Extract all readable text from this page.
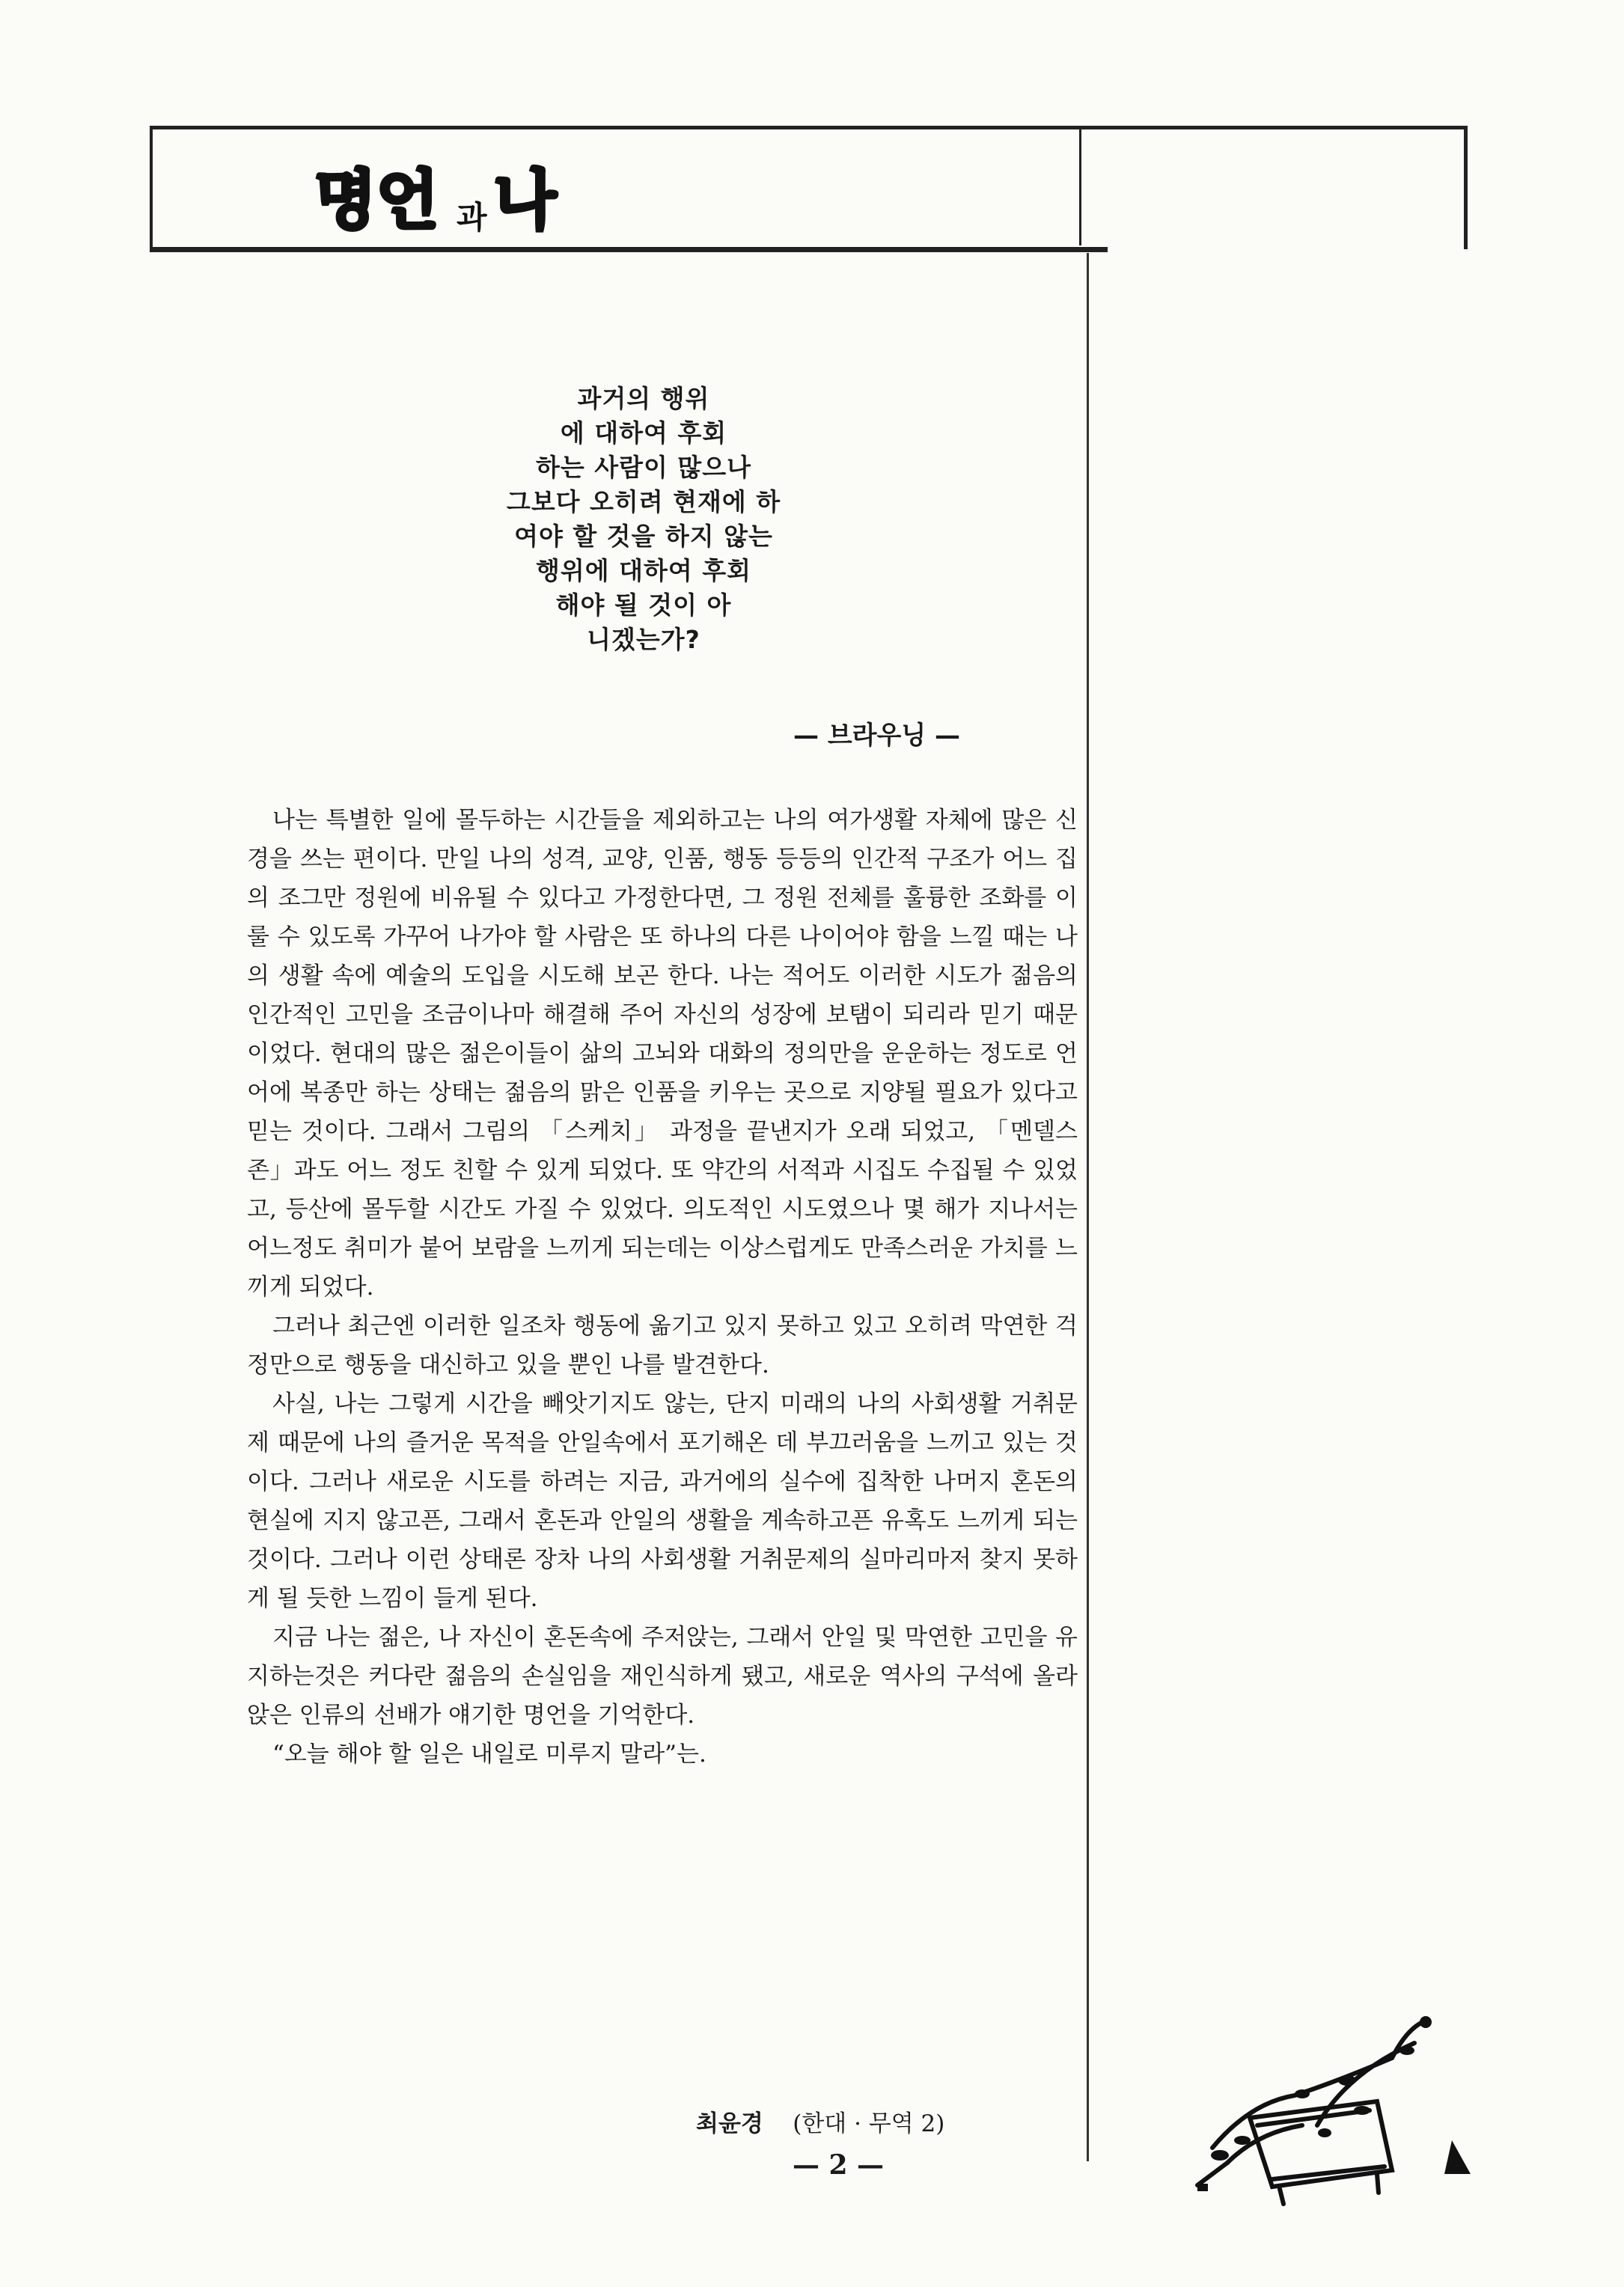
명언 과 나
과거의 행위
에 대하여 후회
하는 사람이 많으나
그보다 오히려 현재에 하
여야 할 것을 하지 않는
행위에 대하여 후회
해야 될 것이 아
니겠는가?
— 브라우닝 —

나는 특별한 일에 몰두하는 시간들을 제외하고는 나의 여가생활 자체에 많은 신경을 쓰는 편이다. 만일 나의 성격, 교양, 인품, 행동 등등의 인간적 구조가 어느 집의 조그만 정원에 비유될 수 있다고 가정한다면, 그 정원 전체를 훌륭한 조화를 이룰 수 있도록 가꾸어 나가야 할 사람은 또 하나의 다른 나이어야 함을 느낄 때는 나의 생활 속에 예술의 도입을 시도해 보곤 한다. 나는 적어도 이러한 시도가 젊음의 인간적인 고민을 조금이나마 해결해 주어 자신의 성장에 보탬이 되리라 믿기 때문이었다. 현대의 많은 젊은이들이 삶의 고뇌와 대화의 정의만을 운운하는 정도로 언어에 복종만 하는 상태는 젊음의 맑은 인품을 키우는 곳으로 지양될 필요가 있다고 믿는 것이다. 그래서 그림의 「스케치」 과정을 끝낸지가 오래 되었고, 「멘델스존」과도 어느 정도 친할 수 있게 되었다. 또 약간의 서적과 시집도 수집될 수 있었고, 등산에 몰두할 시간도 가질 수 있었다. 의도적인 시도였으나 몇 해가 지나서는 어느정도 취미가 붙어 보람을 느끼게 되는데는 이상스럽게도 만족스러운 가치를 느끼게 되었다.

그러나 최근엔 이러한 일조차 행동에 옮기고 있지 못하고 있고 오히려 막연한 걱정만으로 행동을 대신하고 있을 뿐인 나를 발견한다.

사실, 나는 그렇게 시간을 빼앗기지도 않는, 단지 미래의 나의 사회생활 거취문제 때문에 나의 즐거운 목적을 안일속에서 포기해온 데 부끄러움을 느끼고 있는 것이다. 그러나 새로운 시도를 하려는 지금, 과거에의 실수에 집착한 나머지 혼돈의 현실에 지지 않고픈, 그래서 혼돈과 안일의 생활을 계속하고픈 유혹도 느끼게 되는 것이다. 그러나 이런 상태론 장차 나의 사회생활 거취문제의 실마리마저 찾지 못하게 될 듯한 느낌이 들게 된다.

지금 나는 젊은, 나 자신이 혼돈속에 주저앉는, 그래서 안일 및 막연한 고민을 유지하는것은 커다란 젊음의 손실임을 재인식하게 됐고, 새로운 역사의 구석에 올라앉은 인류의 선배가 얘기한 명언을 기억한다.

“오늘 해야 할 일은 내일로 미루지 말라”는.

최윤경 (한대 · 무역 2)
— 2 —
